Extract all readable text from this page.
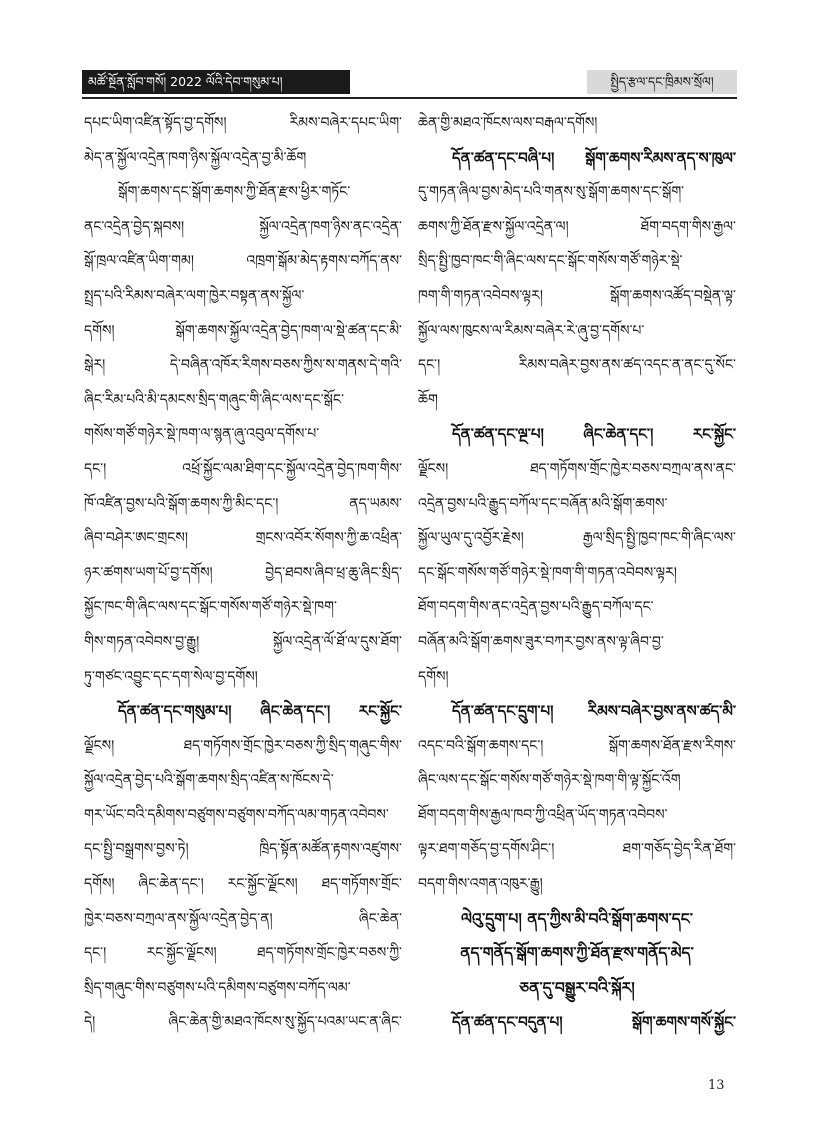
མཚོ་སྔོན་སློབ་གསོ། 2022 ལོའི་དེབ་གསུམ་པ།	སྤྱིད་རྩལ་དང་ཁྲིམས་སྲོལ།
དཔང་ཡིག་འཛིན་སྟོད་བྱ་དགོས། རིམས་བཞེར་དཔང་ཡིག་
མེད་ན་སྐྱོལ་འདྲེན་ཁག་ཉིས་སྐྱོལ་འདྲེན་བྱ་མི་ཆོག
སྒོག་ཆགས་དང་སྒོག་ཆགས་ཀྱི་ཐོན་རྫས་ཕྱིར་གཏོང་
ནང་འདྲེན་བྱེད་སྐབས། སྐྱོལ་འདྲེན་ཁག་ཉིས་ནང་འདྲེན་
སྒོ་ཁྲལ་འཛིན་ཡིག་གམ། འཁྲག་སྒོམ་མེད་རྟགས་བཀོད་ནས་
སྤྲད་པའི་རིམས་བཞེར་ལག་ཁྱེར་བསྟན་ནས་སྐྱོལ་
དགོས། སྒོག་ཆགས་སྐྱོལ་འདྲེན་བྱེད་ཁག་ལ་སྡེ་ཚན་དང་མི་
སྒེར། དེ་བཞིན་འཁོར་རིགས་བཅས་ཀྱིས་ས་གནས་དེ་གའི་
ཞིང་རིམ་པའི་མི་དམངས་སྲིད་གཞུང་གི་ཞིང་ལས་དང་སྒོང་
གསོས་གཙོ་གཉེར་སྡེ་ཁག་ལ་སྙན་ཞུ་འབུལ་དགོས་པ་
དང་། འཕྲོ་སྐྱོང་ལམ་ཐིག་དང་སྐྱོལ་འདྲེན་བྱེད་ཁག་གིས་
ཁོ་འཛིན་བྱས་པའི་སྒོག་ཆགས་ཀྱི་མིང་དང་། ནད་ཡམས་
ཞིབ་བཤེར་ཨང་གྲངས། གྲངས་འབོར་སོགས་ཀྱི་ཆ་འཕྲིན་
ཉར་ཚགས་ཡག་པོ་བྱ་དགོས། བྱེད་ཐབས་ཞིབ་ཕྲ་ཆུ་ཞིང་སྲིད་
སྐྱོང་ཁང་གི་ཞིང་ལས་དང་སྒོང་གསོས་གཙོ་གཉེར་སྡེ་ཁག་
གིས་གཏན་འབེབས་བྱ་རྒྱུ། སྐྱོལ་འདྲེན་ལོ་ཐོ་ལ་དུས་ཐོག་
ཏུ་གཙང་འབྱུང་དང་དག་སེལ་བྱ་དགོས།
དོན་ཚན་དང་གསུམ་པ། ཞིང་ཆེན་དང་། རང་སྐྱོང་
ལྗོངས། ཐད་གཏོགས་གྲོང་ཁྱེར་བཅས་ཀྱི་སྲིད་གཞུང་གིས་
སྐྱོལ་འདྲེན་བྱེད་པའི་སྒོག་ཆགས་སྲིད་འཛིན་ས་ཁོངས་དེ་
གར་ཡོང་བའི་དམིགས་བཙུགས་བཙུགས་བཀོད་ལམ་གཏན་འབེབས་
དང་སྤྱི་བསྒྲགས་བྱས་ཏེ། ཁྲིད་སྟོན་མཚོན་རྟགས་འཛུགས་
དགོས། ཞིང་ཆེན་དང་། རང་སྐྱོང་ལྗོངས། ཐད་གཏོགས་གྲོང་
ཁྱེར་བཅས་བཀྲལ་ནས་སྐྱོལ་འདྲེན་བྱེད་ན། ཞིང་ཆེན་
དང་། རང་སྐྱོང་ལྗོངས། ཐད་གཏོགས་གྲོང་ཁྱེར་བཅས་ཀྱི་
སྲིད་གཞུང་གིས་བཙུགས་པའི་དམིགས་བཙུགས་བཀོད་ལམ་
དེ། ཞིང་ཆེན་གྱི་མཐའ་ཁོངས་སུ་སྐྱོད་པའམ་ཡང་ན་ཞིང་
ཆེན་གྱི་མཐའ་ཁོངས་ལས་བརྒལ་དགོས།
དོན་ཚན་དང་བཞི་པ། སྒོག་ཆགས་རིམས་ནད་ས་ཁུལ་
དུ་གཏན་ཞིལ་བྱས་མེད་པའི་གནས་སུ་སྒོག་ཆགས་དང་སྒོག་
ཆགས་ཀྱི་ཐོན་རྫས་སྐྱོལ་འདྲེན་ལ། ཐོག་བདག་གིས་རྒྱལ་
སྲིད་སྤྱི་ཁྱབ་ཁང་གི་ཞིང་ལས་དང་སྒོང་གསོས་གཙོ་གཉེར་སྡེ་
ཁག་གི་གཏན་འབེབས་ལྟར། སྒོག་ཆགས་འཚོད་བསྡེན་ལྟ་
སྐྱོལ་ལས་ཁུངས་ལ་རིམས་བཞེར་རེ་ཞུ་བྱ་དགོས་པ་
དང་། རིམས་བཞེར་བྱས་ནས་ཚད་འདང་ན་ནང་དུ་སོང་
ཆོག
དོན་ཚན་དང་ལྔ་པ། ཞིང་ཆེན་དང་། རང་སྐྱོང་
ལྗོངས། ཐད་གཏོགས་གྲོང་ཁྱེར་བཅས་བཀྲལ་ནས་ནང་
འདྲེན་བྱས་པའི་རྒྱུད་བཀོལ་དང་བཞོན་མའི་སྒོག་ཆགས་
སྐྱོལ་ཡུལ་དུ་འབྱོར་རྗེས། རྒྱལ་སྲིད་སྤྱི་ཁྱབ་ཁང་གི་ཞིང་ལས་
དང་སྒོང་གསོས་གཙོ་གཉེར་སྡེ་ཁག་གི་གཏན་འབེབས་ལྟར།
ཐོག་བདག་གིས་ནང་འདྲེན་བྱས་པའི་རྒྱུད་བཀོལ་དང་
བཞོན་མའི་སྒོག་ཆགས་ཟུར་བཀར་བྱས་ནས་ལྟ་ཞིབ་བྱ་
དགོས།
དོན་ཚན་དང་དྲུག་པ། རིམས་བཞེར་བྱས་ནས་ཚད་མི་
འདང་བའི་སྒོག་ཆགས་དང་། སྒོག་ཆགས་ཐོན་རྫས་རིགས་
ཞིང་ལས་དང་སྒོང་གསོས་གཙོ་གཉེར་སྡེ་ཁག་གི་ལྟ་སྐྱོང་འོག
ཐོག་བདག་གིས་རྒྱལ་ཁབ་ཀྱི་འཕྲིན་ཡོད་གཏན་འབེབས་
ལྟར་ཐག་གཅོད་བྱ་དགོས་ཤིང་། ཐག་གཅོད་བྱེད་རིན་ཐོག་
བདག་གིས་འགན་འཁུར་རྒྱུ།
ལེའུ་དྲུག་པ། ནད་ཀྱིས་མི་བའི་སྒོག་ཆགས་དང་
ནད་གནོད་སྒོག་ཆགས་ཀྱི་ཐོན་རྫས་གནོད་མེད་
ཅན་དུ་བསྒྱུར་བའི་སྐོར།
དོན་ཚན་དང་བདུན་པ། སྒོག་ཆགས་གསོ་སྐྱོང་
13
